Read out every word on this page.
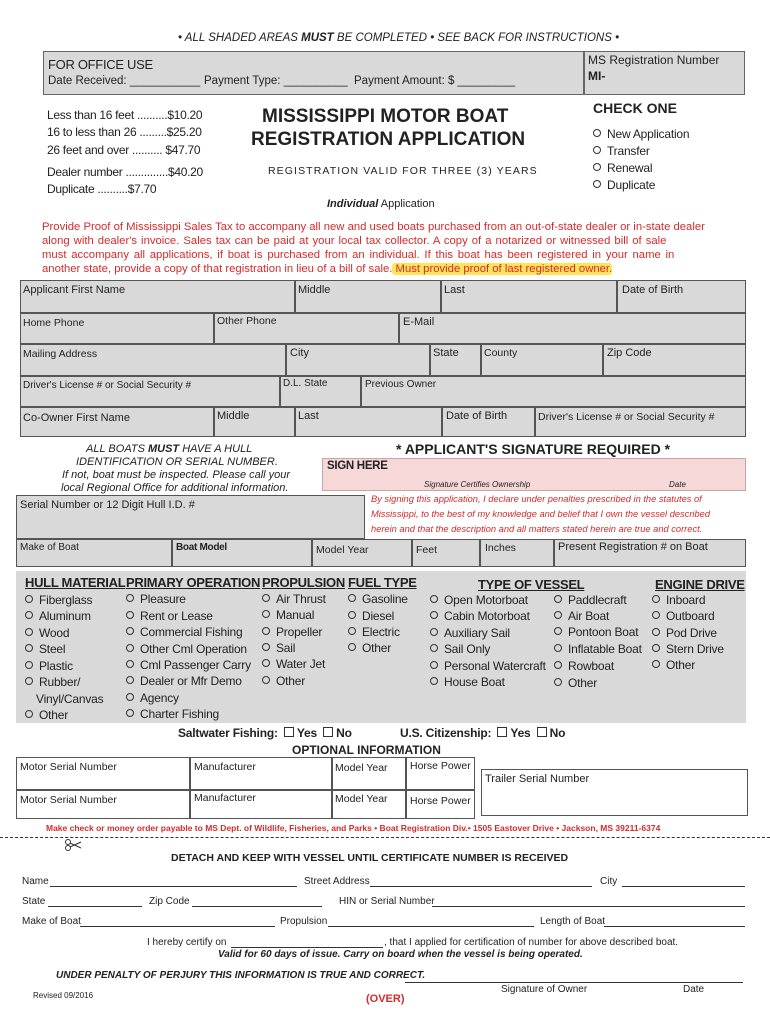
• ALL SHADED AREAS MUST BE COMPLETED • SEE BACK FOR INSTRUCTIONS •
FOR OFFICE USE
Date Received: ___________ Payment Type: __________ Payment Amount: $ _________
MS Registration Number
MI-
Less than 16 feet ..........$10.20
16 to less than 26 .........$25.20
26 feet and over .......... $47.70
Dealer number ..............$40.20
Duplicate ..........$7.70
MISSISSIPPI MOTOR BOAT
REGISTRATION APPLICATION
REGISTRATION VALID FOR THREE (3) YEARS
Individual Application
CHECK ONE
New Application
Transfer
Renewal
Duplicate
Provide Proof of Mississippi Sales Tax to accompany all new and used boats purchased from an out-of-state dealer or in-state dealer
along with dealer's invoice. Sales tax can be paid at your local tax collector. A copy of a notarized or witnessed bill of sale
must accompany all applications, if boat is purchased from an individual. If this boat has been registered in your name in
another state, provide a copy of that registration in lieu of a bill of sale. Must provide proof of last registered owner.
Applicant First Name	Middle	Last	Date of Birth
Home Phone	Other Phone	E-Mail
Mailing Address	City	State County	Zip Code
Driver's License # or Social Security #	D.L. State	Previous Owner
Co-Owner First Name	Middle	Last	Date of Birth	Driver's License # or Social Security #
ALL BOATS MUST HAVE A HULL
IDENTIFICATION OR SERIAL NUMBER.
If not, boat must be inspected. Please call your
local Regional Office for additional information.
* APPLICANT'S SIGNATURE REQUIRED *
SIGN HERE
Signature Certifies Ownership	Date
By signing this application, I declare under penalties prescribed in the statutes of
Mississippi, to the best of my knowledge and belief that I own the vessel described
herein and that the description and all matters stated herein are true and correct.
Serial Number or 12 Digit Hull I.D. #
Make of Boat	Boat Model	Model Year	Feet	Inches	Present Registration # on Boat
HULL MATERIAL
Fiberglass
Aluminum
Wood
Steel
Plastic
Rubber/
Vinyl/Canvas
Other
PRIMARY OPERATION
Pleasure
Rent or Lease
Commercial Fishing
Other Cml Operation
Cml Passenger Carry
Dealer or Mfr Demo
Agency
Charter Fishing
PROPULSION
Air Thrust
Manual
Propeller
Sail
Water Jet
Other
FUEL TYPE
Gasoline
Diesel
Electric
Other
TYPE OF VESSEL
Open Motorboat
Cabin Motorboat
Auxiliary Sail
Sail Only
Personal Watercraft
House Boat
Paddlecraft
Air Boat
Pontoon Boat
Inflatable Boat
Rowboat
Other
ENGINE DRIVE
Inboard
Outboard
Pod Drive
Stern Drive
Other
Saltwater Fishing: Yes No	U.S. Citizenship: Yes No
OPTIONAL INFORMATION
Motor Serial Number	Manufacturer	Model Year Horse Power
Motor Serial Number	Manufacturer	Model Year Horse Power
Trailer Serial Number
Make check or money order payable to MS Dept. of Wildlife, Fisheries, and Parks • Boat Registration Div.• 1505 Eastover Drive • Jackson, MS 39211-6374
DETACH AND KEEP WITH VESSEL UNTIL CERTIFICATE NUMBER IS RECEIVED
Name	Street Address	City
State	Zip Code	HIN or Serial Number
Make of Boat	Propulsion	Length of Boat
I hereby certify on	, that I applied for certification of number for above described boat.
Valid for 60 days of issue. Carry on board when the vessel is being operated.
UNDER PENALTY OF PERJURY THIS INFORMATION IS TRUE AND CORRECT.
Signature of Owner	Date
Revised 09/2016	(OVER)
